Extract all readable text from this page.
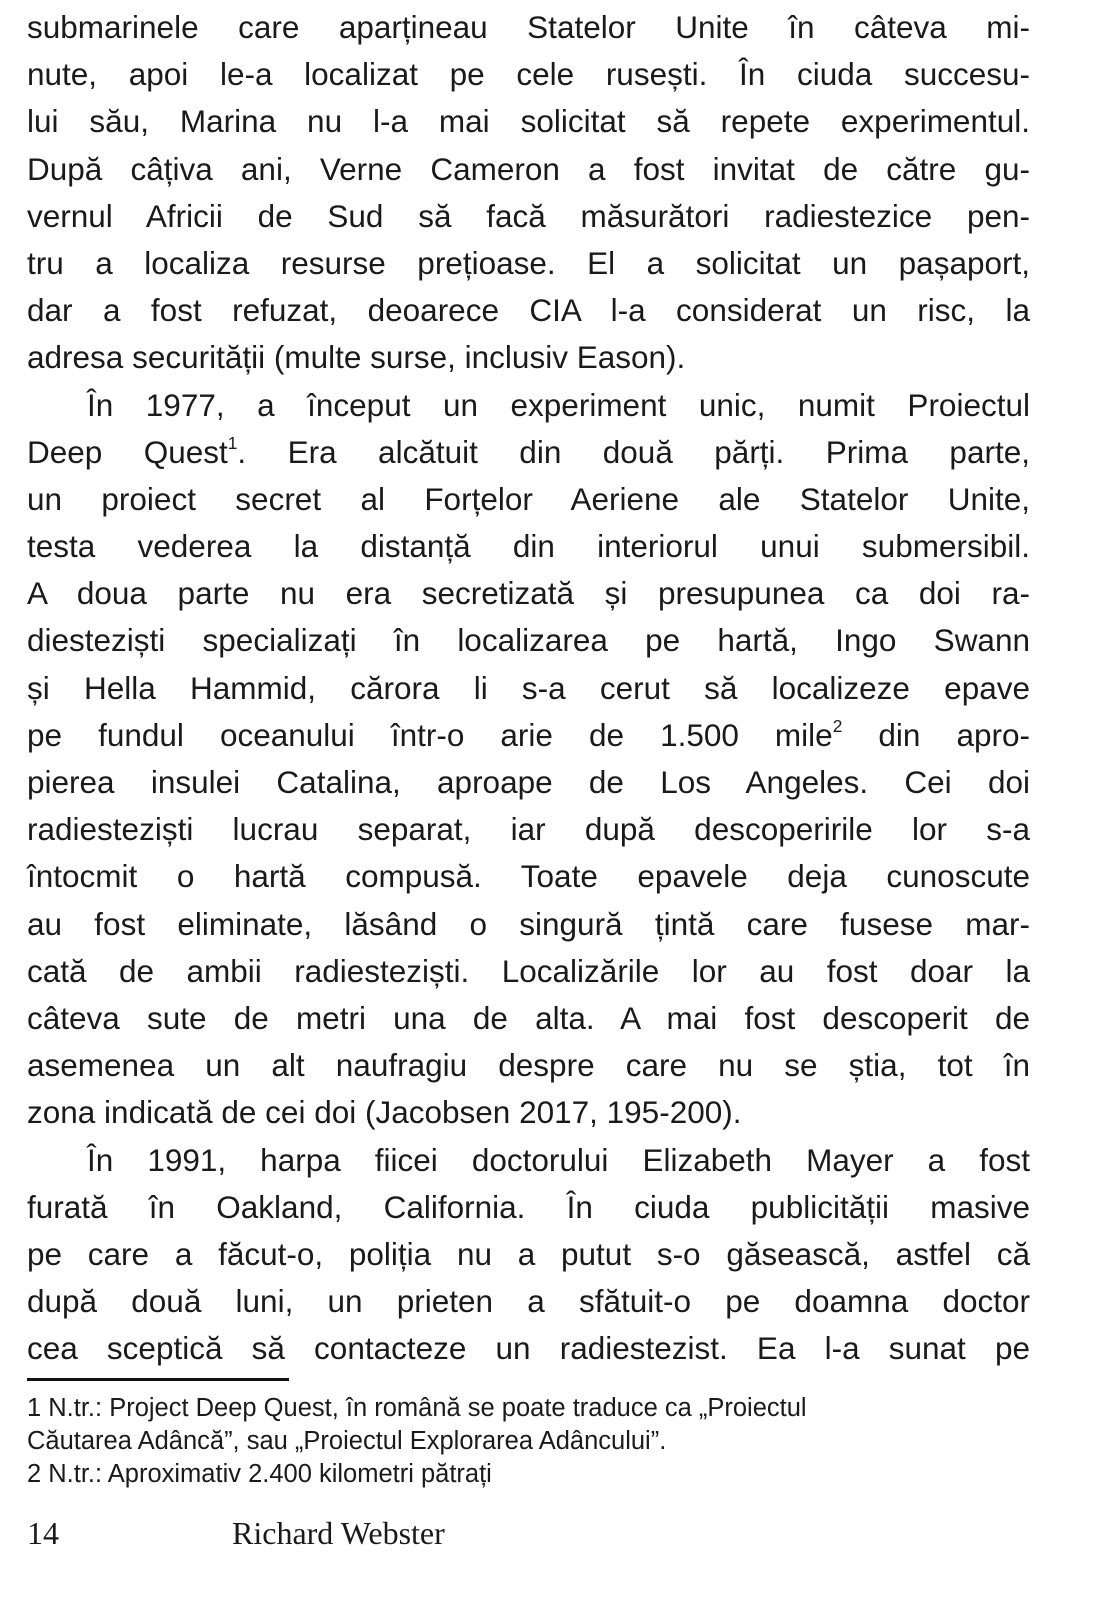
submarinele care aparțineau Statelor Unite în câteva mi-
nute, apoi le-a localizat pe cele rusești. În ciuda succesu-
lui său, Marina nu l-a mai solicitat să repete experimentul.
După câțiva ani, Verne Cameron a fost invitat de către gu-
vernul Africii de Sud să facă măsurători radiestezice pen-
tru a localiza resurse prețioase. El a solicitat un pașaport,
dar a fost refuzat, deoarece CIA l-a considerat un risc, la
adresa securității (multe surse, inclusiv Eason).
În 1977, a început un experiment unic, numit Proiectul
Deep Quest$^1$. Era alcătuit din două părți. Prima parte,
un proiect secret al Forțelor Aeriene ale Statelor Unite,
testa vederea la distanță din interiorul unui submersibil.
A doua parte nu era secretizată și presupunea ca doi ra-
diesteziști specializați în localizarea pe hartă, Ingo Swann
și Hella Hammid, cărora li s-a cerut să localizeze epave
pe fundul oceanului într-o arie de 1.500 mile$^2$ din apro-
pierea insulei Catalina, aproape de Los Angeles. Cei doi
radiesteziști lucrau separat, iar după descoperirile lor s-a
întocmit o hartă compusă. Toate epavele deja cunoscute
au fost eliminate, lăsând o singură țintă care fusese mar-
cată de ambii radiesteziști. Localizările lor au fost doar la
câteva sute de metri una de alta. A mai fost descoperit de
asemenea un alt naufragiu despre care nu se știa, tot în
zona indicată de cei doi (Jacobsen 2017, 195-200).
În 1991, harpa fiicei doctorului Elizabeth Mayer a fost
furată în Oakland, California. În ciuda publicității masive
pe care a făcut-o, poliția nu a putut s-o găsească, astfel că
după două luni, un prieten a sfătuit-o pe doamna doctor
cea sceptică să contacteze un radiestezist. Ea l-a sunat pe
1 N.tr.: Project Deep Quest, în română se poate traduce ca „Proiectul
Căutarea Adâncă”, sau „Proiectul Explorarea Adâncului”.
2 N.tr.: Aproximativ 2.400 kilometri pătrați
14	Richard Webster
